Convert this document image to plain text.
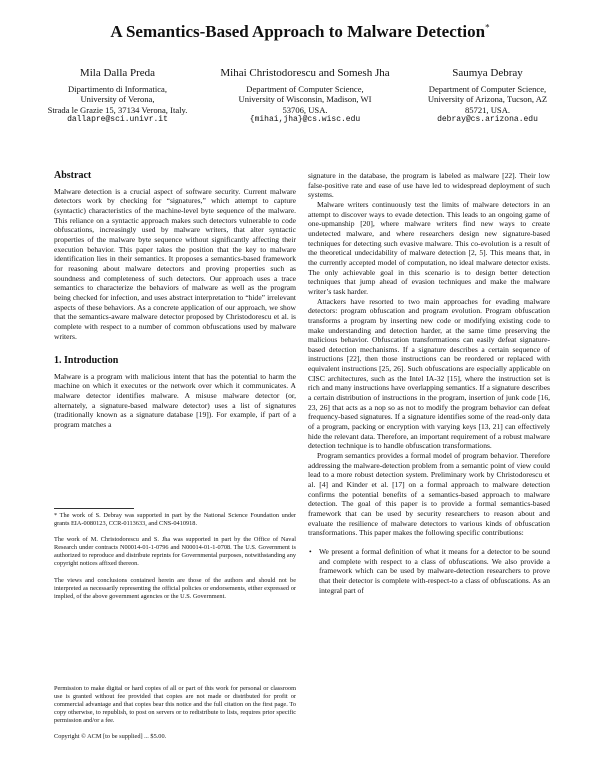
A Semantics-Based Approach to Malware Detection*
Mila Dalla Preda
Dipartimento di Informatica,
University of Verona,
Strada le Grazie 15, 37134 Verona, Italy.
dallapre@sci.univr.it
Mihai Christodorescu and Somesh Jha
Department of Computer Science,
University of Wisconsin, Madison, WI
53706, USA.
{mihai,jha}@cs.wisc.edu
Saumya Debray
Department of Computer Science,
University of Arizona, Tucson, AZ
85721, USA.
debray@cs.arizona.edu
Abstract

Malware detection is a crucial aspect of software security. Current malware detectors work by checking for “signatures,” which attempt to capture (syntactic) characteristics of the machine-level byte sequence of the malware. This reliance on a syntactic approach makes such detectors vulnerable to code obfuscations, increasingly used by malware writers, that alter syntactic properties of the malware byte sequence without significantly affecting their execution behavior. This paper takes the position that the key to malware identification lies in their semantics. It proposes a semantics-based framework for reasoning about malware detectors and proving properties such as soundness and completeness of such detectors. Our approach uses a trace semantics to characterize the behaviors of malware as well as the program being checked for infection, and uses abstract interpretation to “hide” irrelevant aspects of these behaviors. As a concrete application of our approach, we show that the semantics-aware malware detector proposed by Christodorescu et al. is complete with respect to a number of common obfuscations used by malware writers.

1. Introduction

Malware is a program with malicious intent that has the potential to harm the machine on which it executes or the network over which it communicates. A malware detector identifies malware. A misuse malware detector (or, alternately, a signature-based malware detector) uses a list of signatures (traditionally known as a signature database [19]). For example, if part of a program matches a

* The work of S. Debray was supported in part by the National Science Foundation under grants EIA-0080123, CCR-0113633, and CNS-0410918.

The work of M. Christodorescu and S. Jha was supported in part by the Office of Naval Research under contracts N00014-01-1-0796 and N00014-01-1-0708. The U.S. Government is authorized to reproduce and distribute reprints for Governmental purposes, notwithstanding any copyright notices affixed thereon.

The views and conclusions contained herein are those of the authors and should not be interpreted as necessarily representing the official policies or endorsements, either expressed or implied, of the above government agencies or the U.S. Government.

Permission to make digital or hard copies of all or part of this work for personal or classroom use is granted without fee provided that copies are not made or distributed for profit or commercial advantage and that copies bear this notice and the full citation on the first page. To copy otherwise, to republish, to post on servers or to redistribute to lists, requires prior specific permission and/or a fee.

Copyright © ACM [to be supplied] ... $5.00.

signature in the database, the program is labeled as malware [22]. Their low false-positive rate and ease of use have led to widespread deployment of such systems.

Malware writers continuously test the limits of malware detectors in an attempt to discover ways to evade detection. This leads to an ongoing game of one-upmanship [20], where malware writers find new ways to create undetected malware, and where researchers design new signature-based techniques for detecting such evasive malware. This co-evolution is a result of the theoretical undecidability of malware detection [2, 5]. This means that, in the currently accepted model of computation, no ideal malware detector exists. The only achievable goal in this scenario is to design better detection techniques that jump ahead of evasion techniques and make the malware writer’s task harder.

Attackers have resorted to two main approaches for evading malware detectors: program obfuscation and program evolution. Program obfuscation transforms a program by inserting new code or modifying existing code to make understanding and detection harder, at the same time preserving the malicious behavior. Obfuscation transformations can easily defeat signature-based detection mechanisms. If a signature describes a certain sequence of instructions [22], then those instructions can be reordered or replaced with equivalent instructions [25, 26]. Such obfuscations are especially applicable on CISC architectures, such as the Intel IA-32 [15], where the instruction set is rich and many instructions have overlapping semantics. If a signature describes a certain distribution of instructions in the program, insertion of junk code [16, 23, 26] that acts as a nop so as not to modify the program behavior can defeat frequency-based signatures. If a signature identifies some of the read-only data of a program, packing or encryption with varying keys [13, 21] can effectively hide the relevant data. Therefore, an important requirement of a robust malware detection technique is to handle obfuscation transformations.

Program semantics provides a formal model of program behavior. Therefore addressing the malware-detection problem from a semantic point of view could lead to a more robust detection system. Preliminary work by Christodorescu et al. [4] and Kinder et al. [17] on a formal approach to malware detection confirms the potential benefits of a semantics-based approach to malware detection. The goal of this paper is to provide a formal semantics-based framework that can be used by security researchers to reason about and evaluate the resilience of malware detectors to various kinds of obfuscation transformations. This paper makes the following specific contributions:

• We present a formal definition of what it means for a detector to be sound and complete with respect to a class of obfuscations. We also provide a framework which can be used by malware-detection researchers to prove that their detector is complete with-respect-to a class of obfuscations. As an integral part of
